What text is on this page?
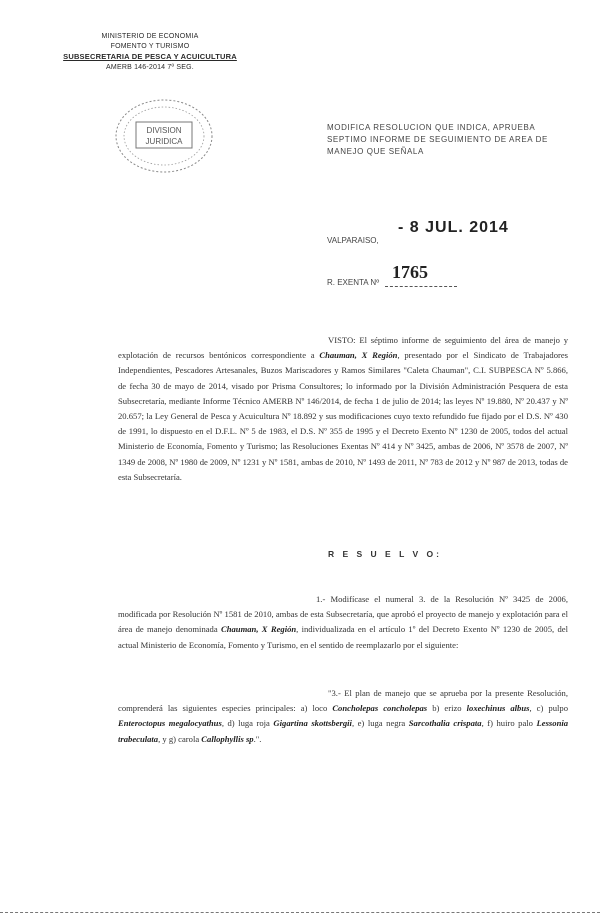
MINISTERIO DE ECONOMIA
FOMENTO Y TURISMO
SUBSECRETARIA DE PESCA Y ACUICULTURA
AMERB 146-2014 7º SEG.
DIVISION
JURIDICA
MODIFICA RESOLUCION QUE INDICA, APRUEBA SEPTIMO INFORME DE SEGUIMIENTO DE AREA DE MANEJO QUE SEÑALA
VALPARAISO,
- 8 JUL. 2014
R. EXENTA Nº
1765
VISTO: El séptimo informe de seguimiento del área de manejo y explotación de recursos bentónicos correspondiente a Chauman, X Región, presentado por el Sindicato de Trabajadores Independientes, Pescadores Artesanales, Buzos Mariscadores y Ramos Similares "Caleta Chauman", C.I. SUBPESCA Nº 5.866, de fecha 30 de mayo de 2014, visado por Prisma Consultores; lo informado por la División Administración Pesquera de esta Subsecretaría, mediante Informe Técnico AMERB Nº 146/2014, de fecha 1 de julio de 2014; las leyes Nº 19.880, Nº 20.437 y Nº 20.657; la Ley General de Pesca y Acuicultura Nº 18.892 y sus modificaciones cuyo texto refundido fue fijado por el D.S. Nº 430 de 1991, lo dispuesto en el D.F.L. Nº 5 de 1983, el D.S. Nº 355 de 1995 y el Decreto Exento Nº 1230 de 2005, todos del actual Ministerio de Economía, Fomento y Turismo; las Resoluciones Exentas Nº 414 y Nº 3425, ambas de 2006, Nº 3578 de 2007, Nº 1349 de 2008, Nº 1980 de 2009, Nº 1231 y Nº 1581, ambas de 2010, Nº 1493 de 2011, Nº 783 de 2012 y Nº 987 de 2013, todas de esta Subsecretaría.
R E S U E L V O:
1.- Modifícase el numeral 3. de la Resolución Nº 3425 de 2006, modificada por Resolución Nº 1581 de 2010, ambas de esta Subsecretaría, que aprobó el proyecto de manejo y explotación para el área de manejo denominada Chauman, X Región, individualizada en el artículo 1º del Decreto Exento Nº 1230 de 2005, del actual Ministerio de Economía, Fomento y Turismo, en el sentido de reemplazarlo por el siguiente:
"3.- El plan de manejo que se aprueba por la presente Resolución, comprenderá las siguientes especies principales: a) loco Concholepas concholepas b) erizo loxechinus albus, c) pulpo Enteroctopus megalocyathus, d) luga roja Gigartina skottsbergii, e) luga negra Sarcothalia crispata, f) huiro palo Lessonia trabeculata, y g) carola Callophyllis sp.".
